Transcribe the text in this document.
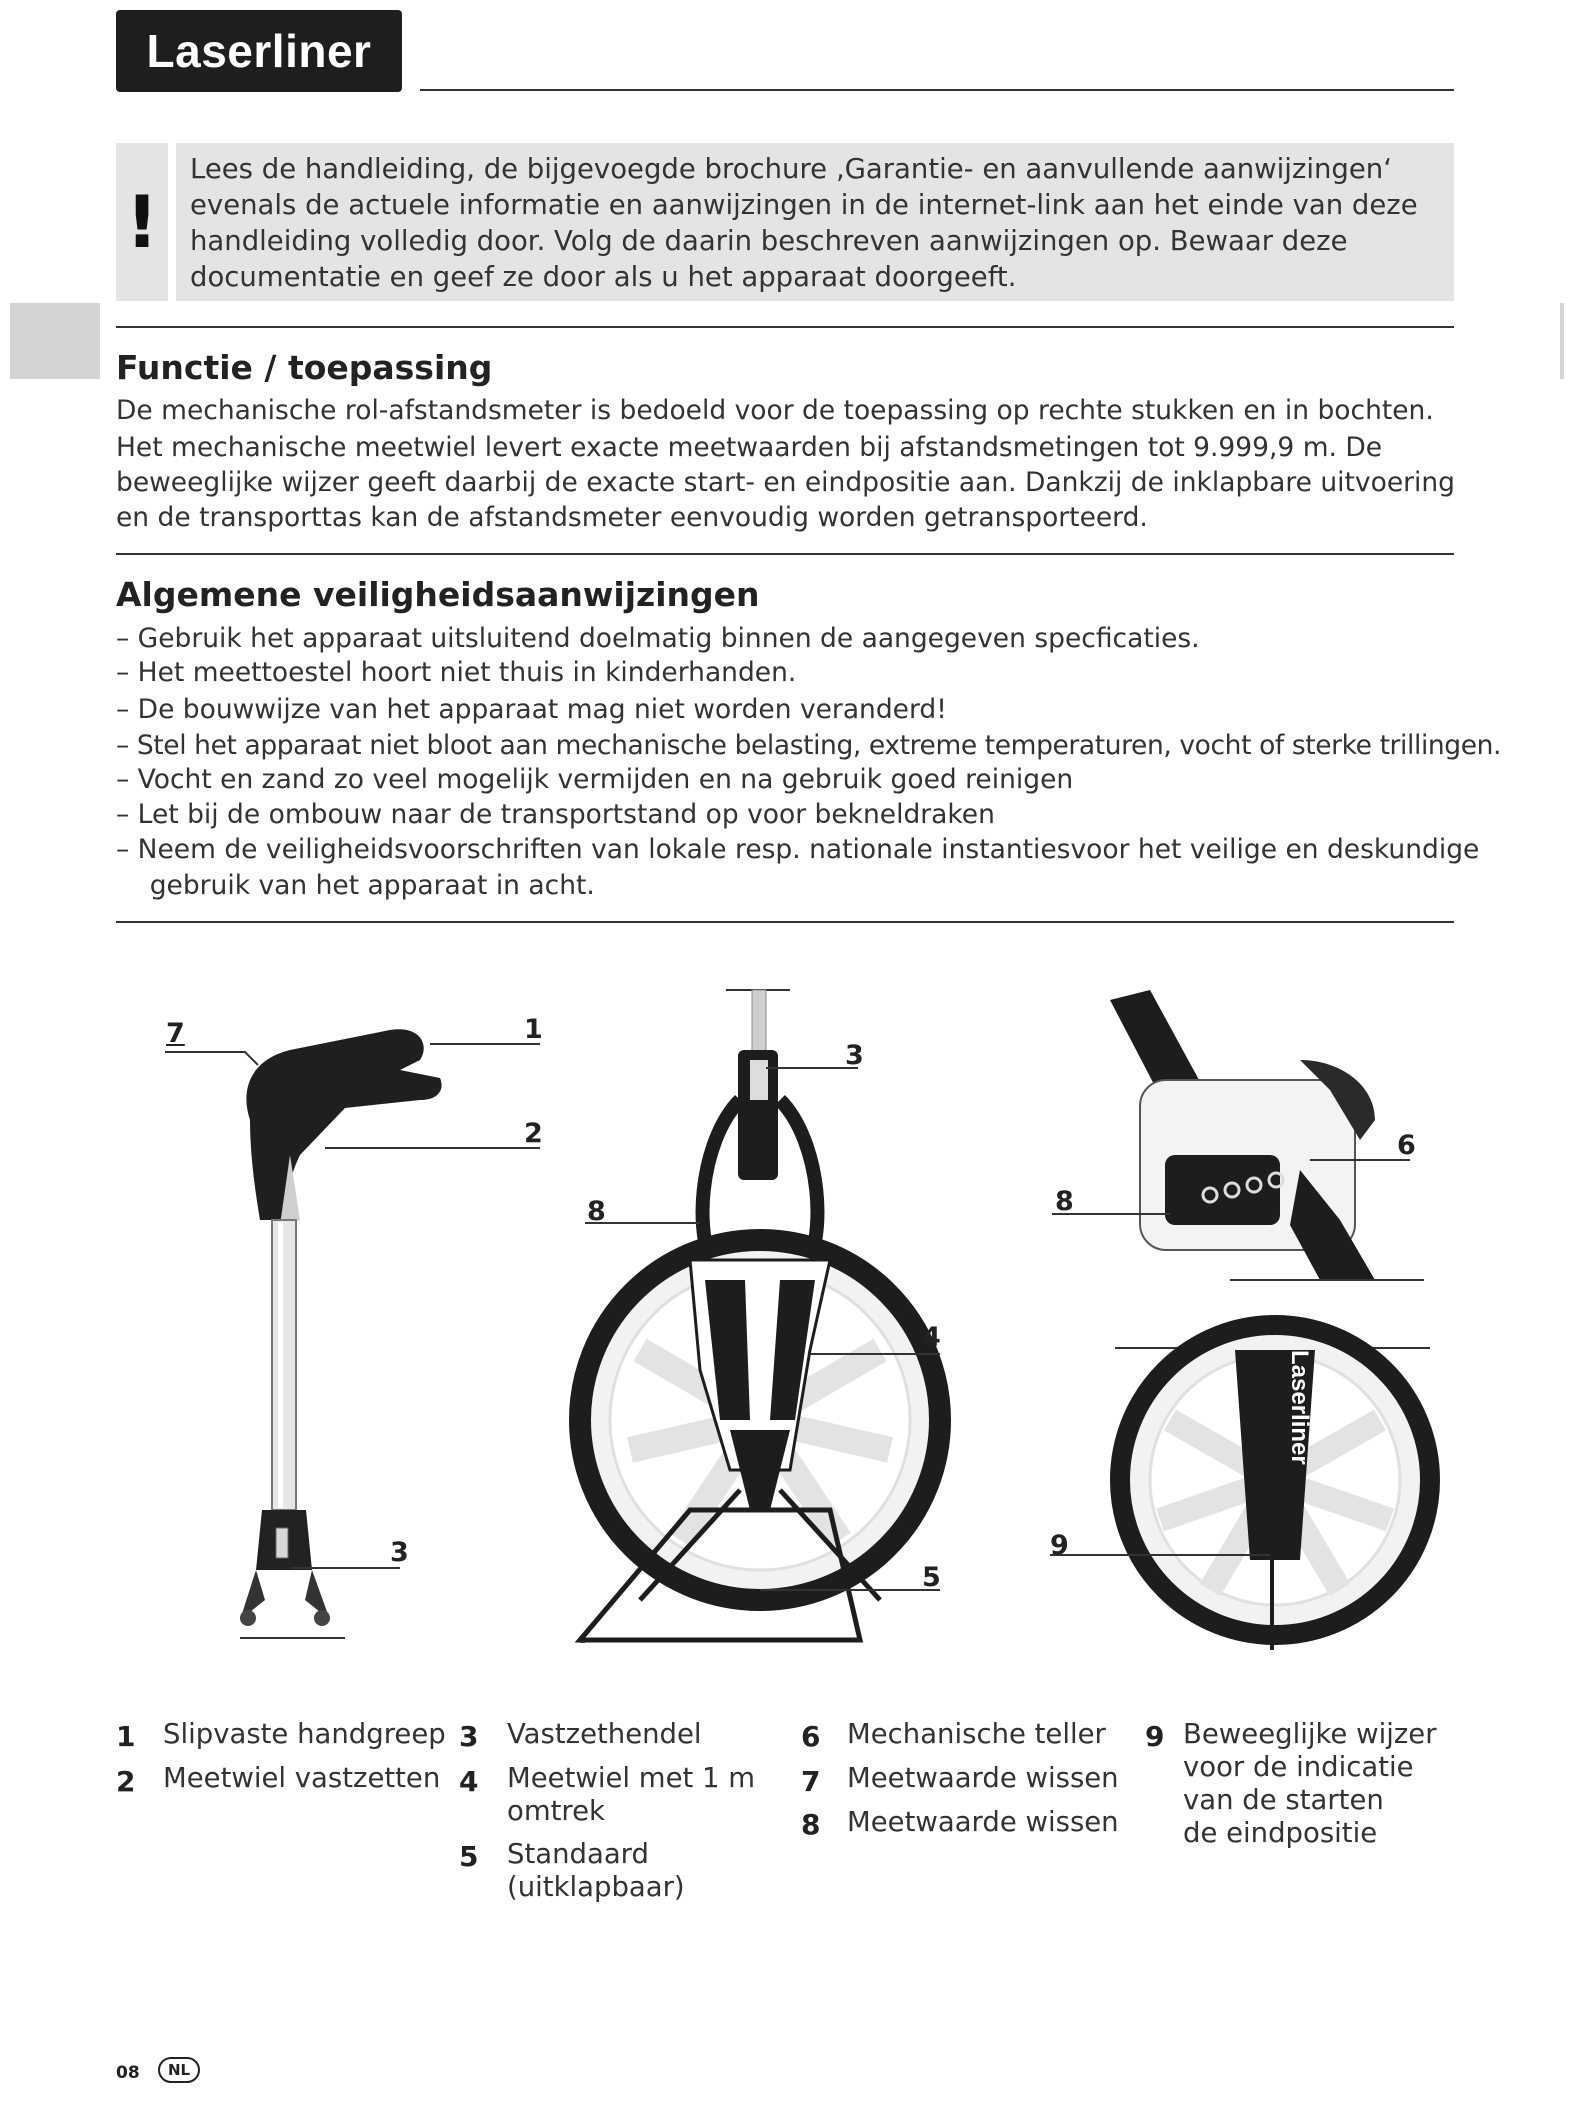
Laserliner
!
Lees de handleiding, de bijgevoegde brochure ‚Garantie- en aanvullende aanwijzingen‘ evenals de actuele informatie en aanwijzingen in de internet-link aan het einde van deze handleiding volledig door. Volg de daarin beschreven aanwijzingen op. Bewaar deze documentatie en geef ze door als u het apparaat doorgeeft.
Functie / toepassing
De mechanische rol-afstandsmeter is bedoeld voor de toepassing op rechte stukken en in bochten.
Het mechanische meetwiel levert exacte meetwaarden bij afstandsmetingen tot 9.999,9 m. De beweeglijke wijzer geeft daarbij de exacte start- en eindpositie aan. Dankzij de inklapbare uitvoering en de transporttas kan de afstandsmeter eenvoudig worden getransporteerd.
Algemene veiligheidsaanwijzingen
– Gebruik het apparaat uitsluitend doelmatig binnen de aangegeven specficaties.
– Het meettoestel hoort niet thuis in kinderhanden.
– De bouwwijze van het apparaat mag niet worden veranderd!
– Stel het apparaat niet bloot aan mechanische belasting, extreme temperaturen, vocht of sterke trillingen.
– Vocht en zand zo veel mogelijk vermijden en na gebruik goed reinigen
– Let bij de ombouw naar de transportstand op voor bekneldraken
– Neem de veiligheidsvoorschriften van lokale resp. nationale instantiesvoor het veilige en deskundige
gebruik van het apparaat in acht.
Laserliner
7	1
2
3
3
8
4
5
6
8
9
1 Slipvaste handgreep
2 Meetwiel vastzetten
3 Vastzethendel
4 Meetwiel met 1 m
omtrek
5 Standaard
(uitklapbaar)
6 Mechanische teller
7 Meetwaarde wissen
8 Meetwaarde wissen
9 Beweeglijke wijzer
voor de indicatie
van de starten
de eindpositie
08	NL
